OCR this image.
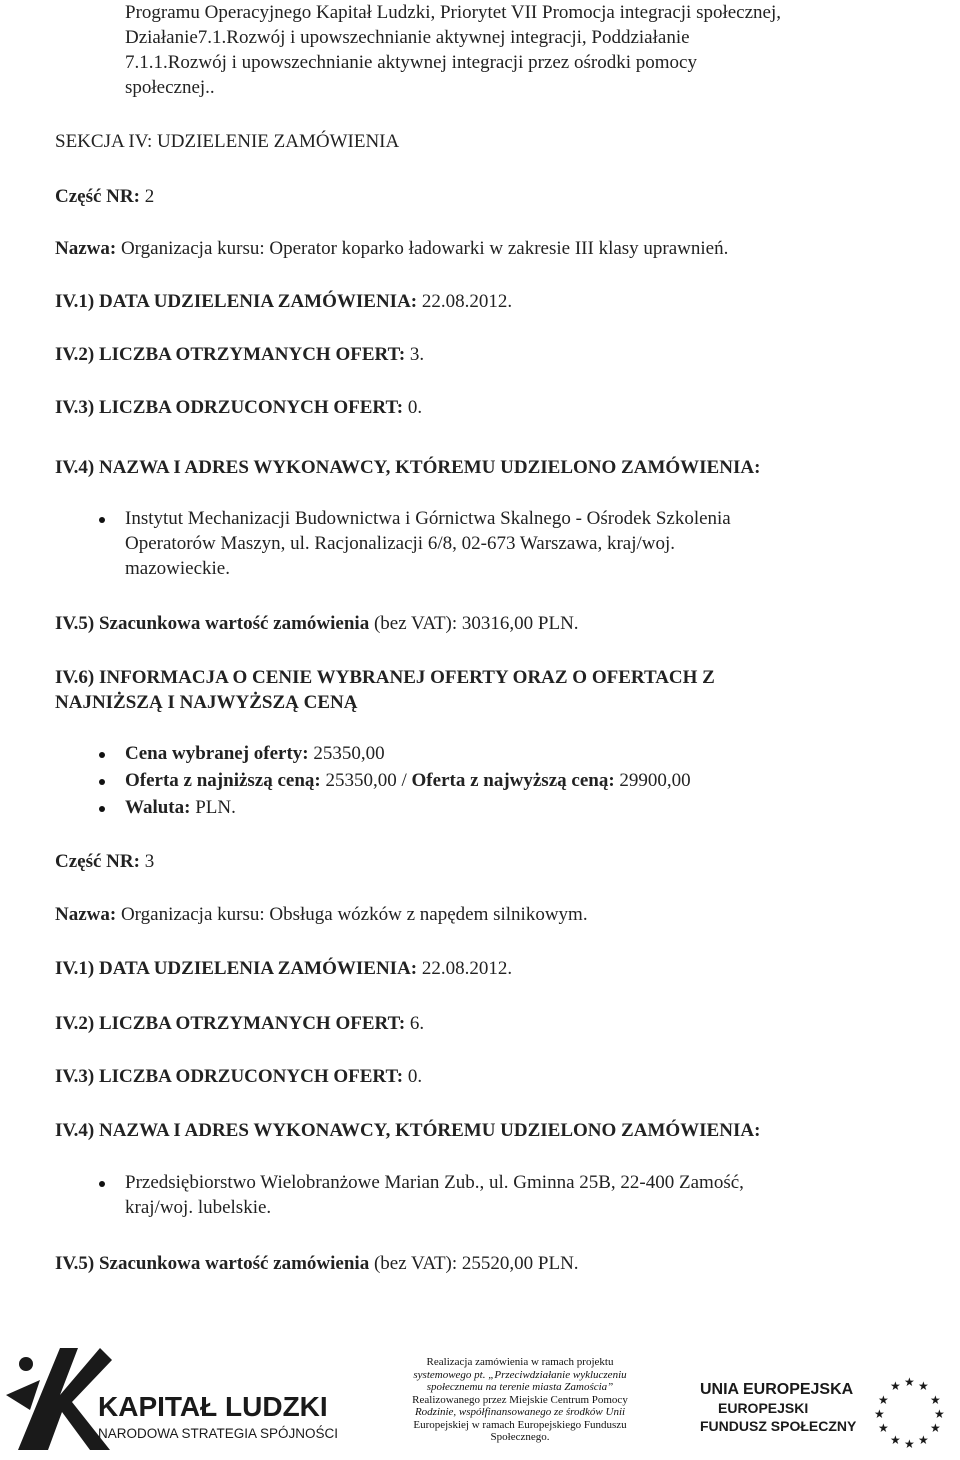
Programu Operacyjnego Kapitał Ludzki, Priorytet VII Promocja integracji społecznej,
Działanie7.1.Rozwój i upowszechnianie aktywnej integracji, Poddziałanie
7.1.1.Rozwój i upowszechnianie aktywnej integracji przez ośrodki pomocy
społecznej..
SEKCJA IV: UDZIELENIE ZAMÓWIENIA
Część NR: 2
Nazwa: Organizacja kursu: Operator koparko ładowarki w zakresie III klasy uprawnień.
IV.1) DATA UDZIELENIA ZAMÓWIENIA: 22.08.2012.
IV.2) LICZBA OTRZYMANYCH OFERT: 3.
IV.3) LICZBA ODRZUCONYCH OFERT: 0.
IV.4) NAZWA I ADRES WYKONAWCY, KTÓREMU UDZIELONO ZAMÓWIENIA:
Instytut Mechanizacji Budownictwa i Górnictwa Skalnego - Ośrodek Szkolenia
Operatorów Maszyn, ul. Racjonalizacji 6/8, 02-673 Warszawa, kraj/woj.
mazowieckie.
IV.5) Szacunkowa wartość zamówienia (bez VAT): 30316,00 PLN.
IV.6) INFORMACJA O CENIE WYBRANEJ OFERTY ORAZ O OFERTACH Z
NAJNIŻSZĄ I NAJWYŻSZĄ CENĄ
Cena wybranej oferty: 25350,00
Oferta z najniższą ceną: 25350,00 / Oferta z najwyższą ceną: 29900,00
Waluta: PLN.
Część NR: 3
Nazwa: Organizacja kursu: Obsługa wózków z napędem silnikowym.
IV.1) DATA UDZIELENIA ZAMÓWIENIA: 22.08.2012.
IV.2) LICZBA OTRZYMANYCH OFERT: 6.
IV.3) LICZBA ODRZUCONYCH OFERT: 0.
IV.4) NAZWA I ADRES WYKONAWCY, KTÓREMU UDZIELONO ZAMÓWIENIA:
Przedsiębiorstwo Wielobranżowe Marian Zub., ul. Gminna 25B, 22-400 Zamość,
kraj/woj. lubelskie.
IV.5) Szacunkowa wartość zamówienia (bez VAT): 25520,00 PLN.
KAPITAŁ LUDZKI
NARODOWA STRATEGIA SPÓJNOŚCI
Realizacja zamówienia w ramach projektu
systemowego pt. „Przeciwdziałanie wykluczeniu
społecznemu na terenie miasta Zamościa”
Realizowanego przez Miejskie Centrum Pomocy
Rodzinie, współfinansowanego ze środków Unii
Europejskiej w ramach Europejskiego Funduszu
Społecznego.
UNIA EUROPEJSKA
EUROPEJSKI
FUNDUSZ SPOŁECZNY
★ ★ ★
★	★
★	★
★	★
★ ★ ★
